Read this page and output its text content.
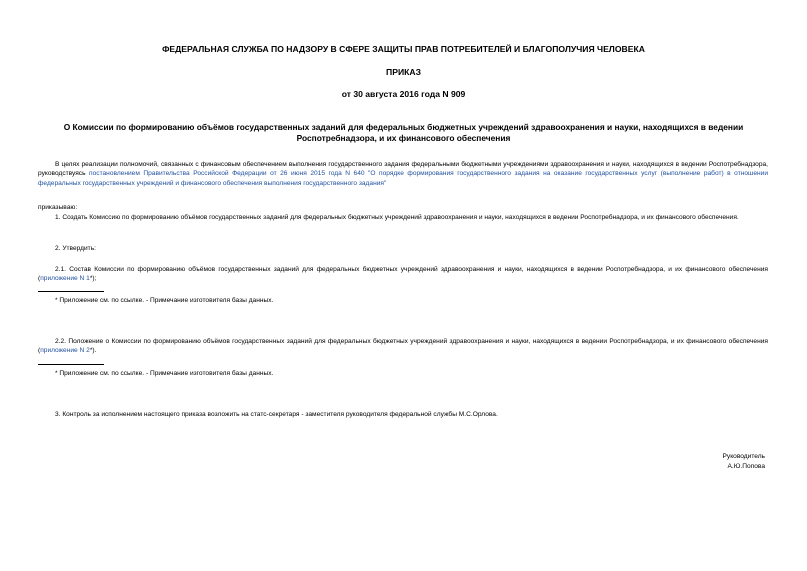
ФЕДЕРАЛЬНАЯ СЛУЖБА ПО НАДЗОРУ В СФЕРЕ ЗАЩИТЫ ПРАВ ПОТРЕБИТЕЛЕЙ И БЛАГОПОЛУЧИЯ ЧЕЛОВЕКА
ПРИКАЗ
от 30 августа 2016 года N 909
О Комиссии по формированию объёмов государственных заданий для федеральных бюджетных учреждений здравоохранения и науки, находящихся в ведении Роспотребнадзора, и их финансового обеспечения
В целях реализации полномочий, связанных с финансовым обеспечением выполнения государственного задания федеральными бюджетными учреждениями здравоохранения и науки, находящихся в ведении Роспотребнадзора, руководствуясь постановлением Правительства Российской Федерации от 26 июня 2015 года N 640 "О порядке формирования государственного задания на оказание государственных услуг (выполнение работ) в отношении федеральных государственных учреждений и финансового обеспечения выполнения государственного задания"
приказываю:
1. Создать Комиссию по формированию объёмов государственных заданий для федеральных бюджетных учреждений здравоохранения и науки, находящихся в ведении Роспотребнадзора, и их финансового обеспечения.
2. Утвердить:
2.1. Состав Комиссии по формированию объёмов государственных заданий для федеральных бюджетных учреждений здравоохранения и науки, находящихся в ведении Роспотребнадзора, и их финансового обеспечения (приложение N 1*);
* Приложение см. по ссылке. - Примечание изготовителя базы данных.
2.2. Положение о Комиссии по формированию объёмов государственных заданий для федеральных бюджетных учреждений здравоохранения и науки, находящихся в ведении Роспотребнадзора, и их финансового обеспечения (приложение N 2*).
* Приложение см. по ссылке. - Примечание изготовителя базы данных.
3. Контроль за исполнением настоящего приказа возложить на статс-секретаря - заместителя руководителя федеральной службы М.С.Орлова.
Руководитель
А.Ю.Попова
